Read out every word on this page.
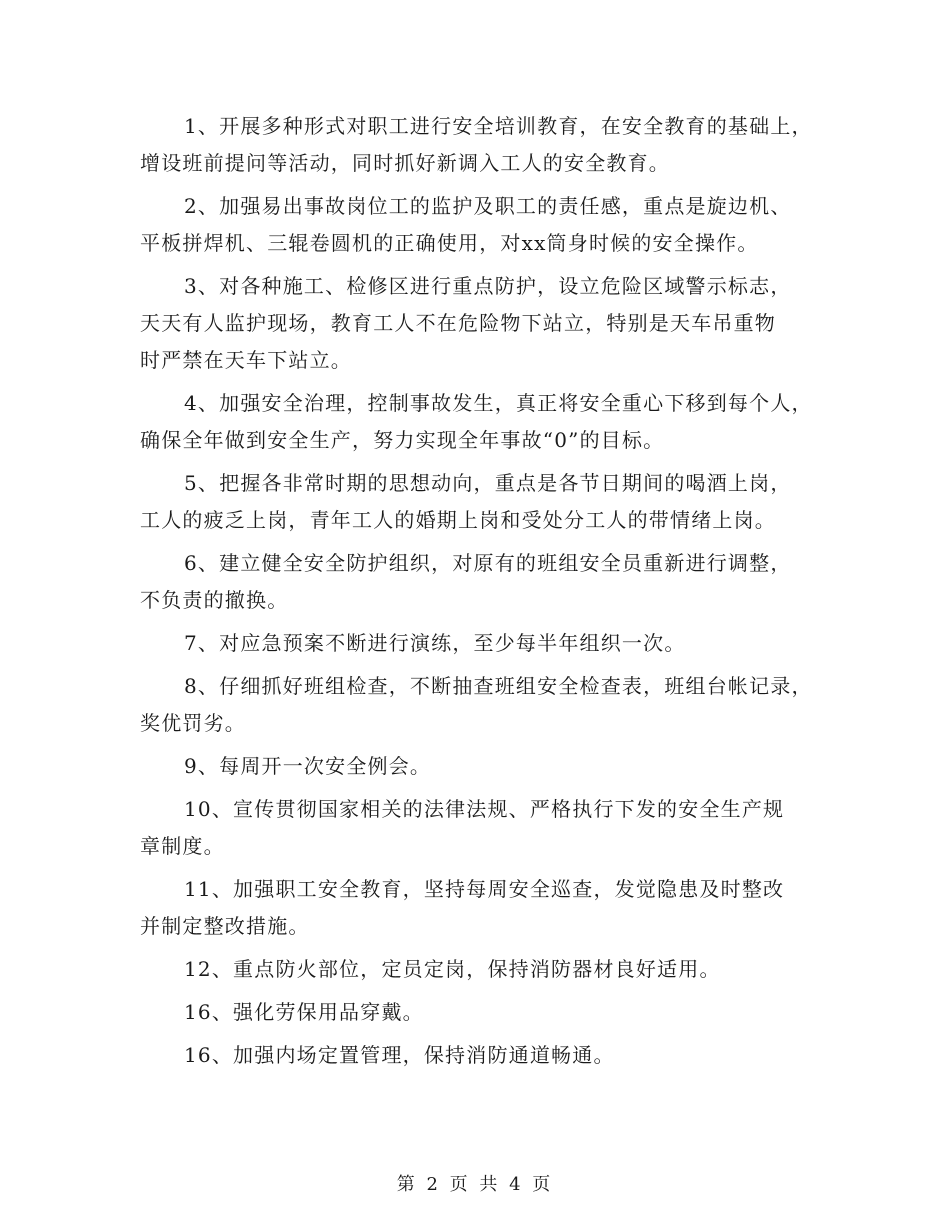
1、开展多种形式对职工进行安全培训教育，在安全教育的基础上，
增设班前提问等活动，同时抓好新调入工人的安全教育。

2、加强易出事故岗位工的监护及职工的责任感，重点是旋边机、
平板拼焊机、三辊卷圆机的正确使用，对xx筒身时候的安全操作。

3、对各种施工、检修区进行重点防护，设立危险区域警示标志，
天天有人监护现场，教育工人不在危险物下站立，特别是天车吊重物
时严禁在天车下站立。

4、加强安全治理，控制事故发生，真正将安全重心下移到每个人，
确保全年做到安全生产，努力实现全年事故“0”的目标。

5、把握各非常时期的思想动向，重点是各节日期间的喝酒上岗，
工人的疲乏上岗，青年工人的婚期上岗和受处分工人的带情绪上岗。

6、建立健全安全防护组织，对原有的班组安全员重新进行调整，
不负责的撤换。

7、对应急预案不断进行演练，至少每半年组织一次。

8、仔细抓好班组检查，不断抽查班组安全检查表，班组台帐记录，
奖优罚劣。

9、每周开一次安全例会。

10、宣传贯彻国家相关的法律法规、严格执行下发的安全生产规
章制度。

11、加强职工安全教育，坚持每周安全巡查，发觉隐患及时整改
并制定整改措施。

12、重点防火部位，定员定岗，保持消防器材良好适用。

16、强化劳保用品穿戴。

16、加强内场定置管理，保持消防通道畅通。

第 2 页 共 4 页
